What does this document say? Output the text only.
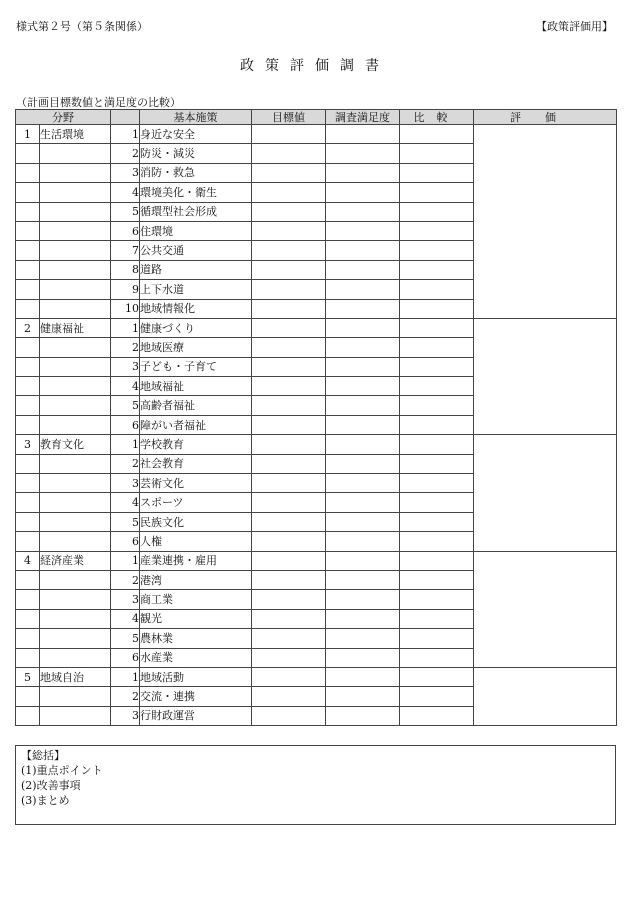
様式第２号（第５条関係）	【政策評価用】
政策評価調書
（計画目標数値と満足度の比較）
分野			基本施策	目標値	調査満足度	比較	評価
1	生活環境	1	身近な安全				
		2	防災・減災				
		3	消防・救急				
		4	環境美化・衛生				
		5	循環型社会形成				
		6	住環境				
		7	公共交通				
		8	道路				
		9	上下水道				
		10	地域情報化				
2	健康福祉	1	健康づくり				
		2	地域医療				
		3	子ども・子育て				
		4	地域福祉				
		5	高齢者福祉				
		6	障がい者福祉				
3	教育文化	1	学校教育				
		2	社会教育				
		3	芸術文化				
		4	スポーツ				
		5	民族文化				
		6	人権				
4	経済産業	1	産業連携・雇用				
		2	港湾				
		3	商工業				
		4	観光				
		5	農林業				
		6	水産業				
5	地域自治	1	地域活動				
		2	交流・連携				
		3	行財政運営				
【総括】
(1)重点ポイント
(2)改善事項
(3)まとめ
